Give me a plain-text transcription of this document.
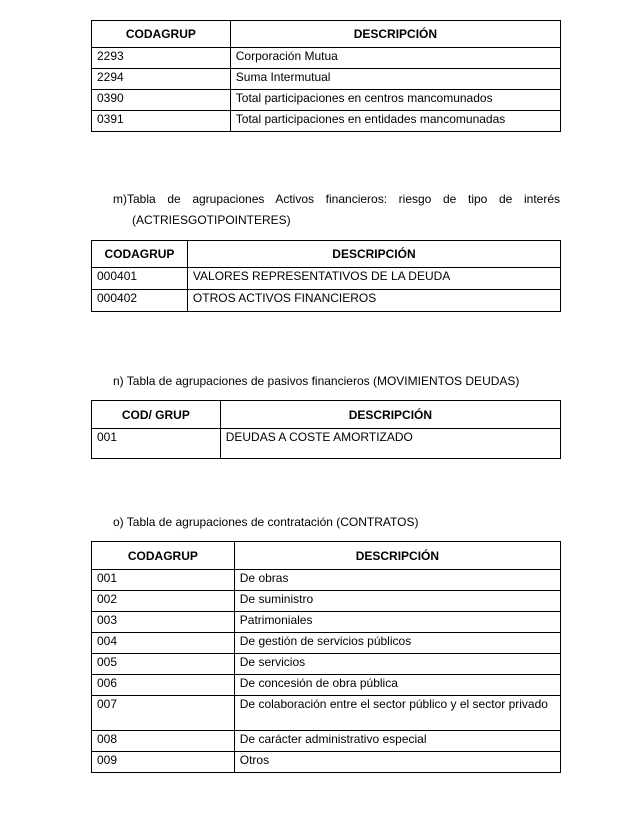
CODAGRUP	DESCRIPCIÓN
2293	Corporación Mutua
2294	Suma Intermutual
0390	Total participaciones en centros mancomunados
0391	Total participaciones en entidades mancomunadas
m)Tabla de agrupaciones Activos financieros: riesgo de tipo de interés
(ACTRIESGOTIPOINTERES)
CODAGRUP	DESCRIPCIÓN
000401	VALORES REPRESENTATIVOS DE LA DEUDA
000402	OTROS ACTIVOS FINANCIEROS
n) Tabla de agrupaciones de pasivos financieros (MOVIMIENTOS DEUDAS)
COD/ GRUP	DESCRIPCIÓN
001	DEUDAS A COSTE AMORTIZADO
o) Tabla de agrupaciones de contratación (CONTRATOS)
CODAGRUP	DESCRIPCIÓN
001	De obras
002	De suministro
003	Patrimoniales
004	De gestión de servicios públicos
005	De servicios
006	De concesión de obra pública
007	De colaboración entre el sector público y el sector privado
008	De carácter administrativo especial
009	Otros
